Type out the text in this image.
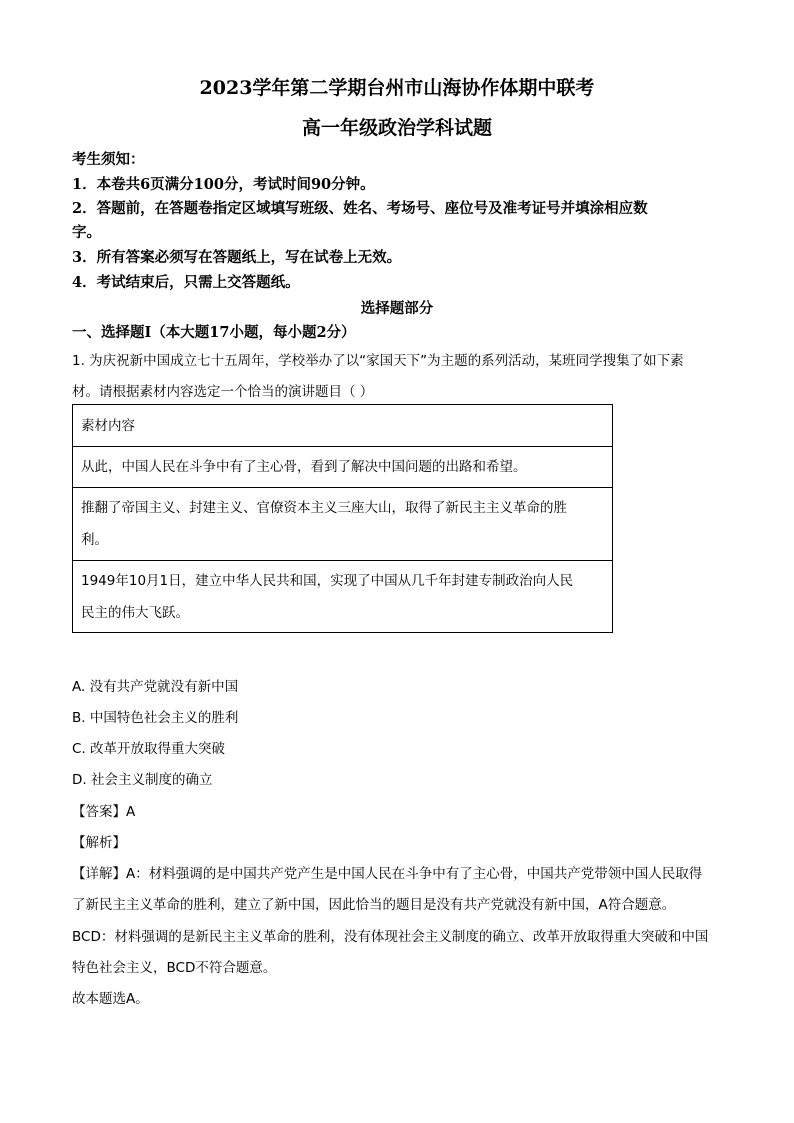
2023学年第二学期台州市山海协作体期中联考
高一年级政治学科试题
考生须知：
1．本卷共6页满分100分，考试时间90分钟。
2．答题前，在答题卷指定区域填写班级、姓名、考场号、座位号及准考证号并填涂相应数
字。
3．所有答案必须写在答题纸上，写在试卷上无效。
4．考试结束后，只需上交答题纸。
选择题部分
一、选择题Ⅰ（本大题17小题，每小题2分）
1. 为庆祝新中国成立七十五周年，学校举办了以“家国天下”为主题的系列活动，某班同学搜集了如下素
材。请根据素材内容选定一个恰当的演讲题目（ ）
素材内容
从此，中国人民在斗争中有了主心骨，看到了解决中国问题的出路和希望。

推翻了帝国主义、封建主义、官僚资本主义三座大山，取得了新民主主义革命的胜
利。

1949年10月1日，建立中华人民共和国，实现了中国从几千年封建专制政治向人民
民主的伟大飞跃。
A. 没有共产党就没有新中国
B. 中国特色社会主义的胜利
C. 改革开放取得重大突破
D. 社会主义制度的确立
【答案】A
【解析】
【详解】A：材料强调的是中国共产党产生是中国人民在斗争中有了主心骨，中国共产党带领中国人民取得
了新民主主义革命的胜利，建立了新中国，因此恰当的题目是没有共产党就没有新中国，A符合题意。
BCD：材料强调的是新民主主义革命的胜利，没有体现社会主义制度的确立、改革开放取得重大突破和中国
特色社会主义，BCD不符合题意。
故本题选A。
